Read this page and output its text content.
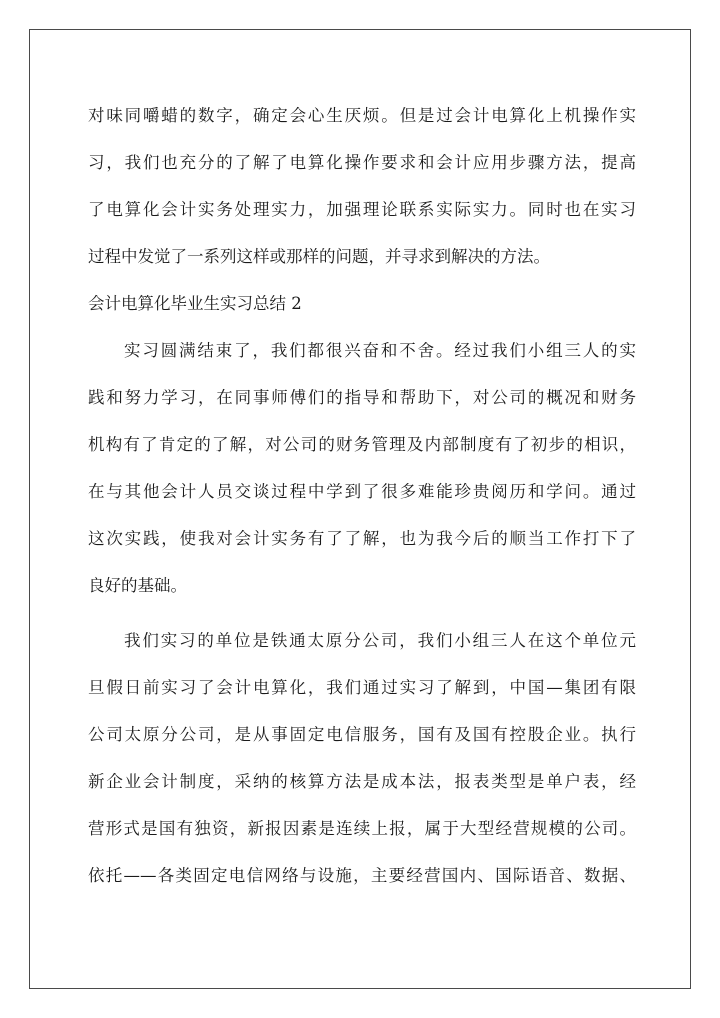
对味同嚼蜡的数字，确定会心生厌烦。但是过会计电算化上机操作实
习，我们也充分的了解了电算化操作要求和会计应用步骤方法，提高
了电算化会计实务处理实力，加强理论联系实际实力。同时也在实习
过程中发觉了一系列这样或那样的问题，并寻求到解决的方法。
会计电算化毕业生实习总结 2
实习圆满结束了，我们都很兴奋和不舍。经过我们小组三人的实
践和努力学习，在同事师傅们的指导和帮助下，对公司的概况和财务
机构有了肯定的了解，对公司的财务管理及内部制度有了初步的相识，
在与其他会计人员交谈过程中学到了很多难能珍贵阅历和学问。通过
这次实践，使我对会计实务有了了解，也为我今后的顺当工作打下了
良好的基础。
我们实习的单位是铁通太原分公司，我们小组三人在这个单位元
旦假日前实习了会计电算化，我们通过实习了解到，中国—集团有限
公司太原分公司，是从事固定电信服务，国有及国有控股企业。执行
新企业会计制度，采纳的核算方法是成本法，报表类型是单户表，经
营形式是国有独资，新报因素是连续上报，属于大型经营规模的公司。
依托——各类固定电信网络与设施，主要经营国内、国际语音、数据、
